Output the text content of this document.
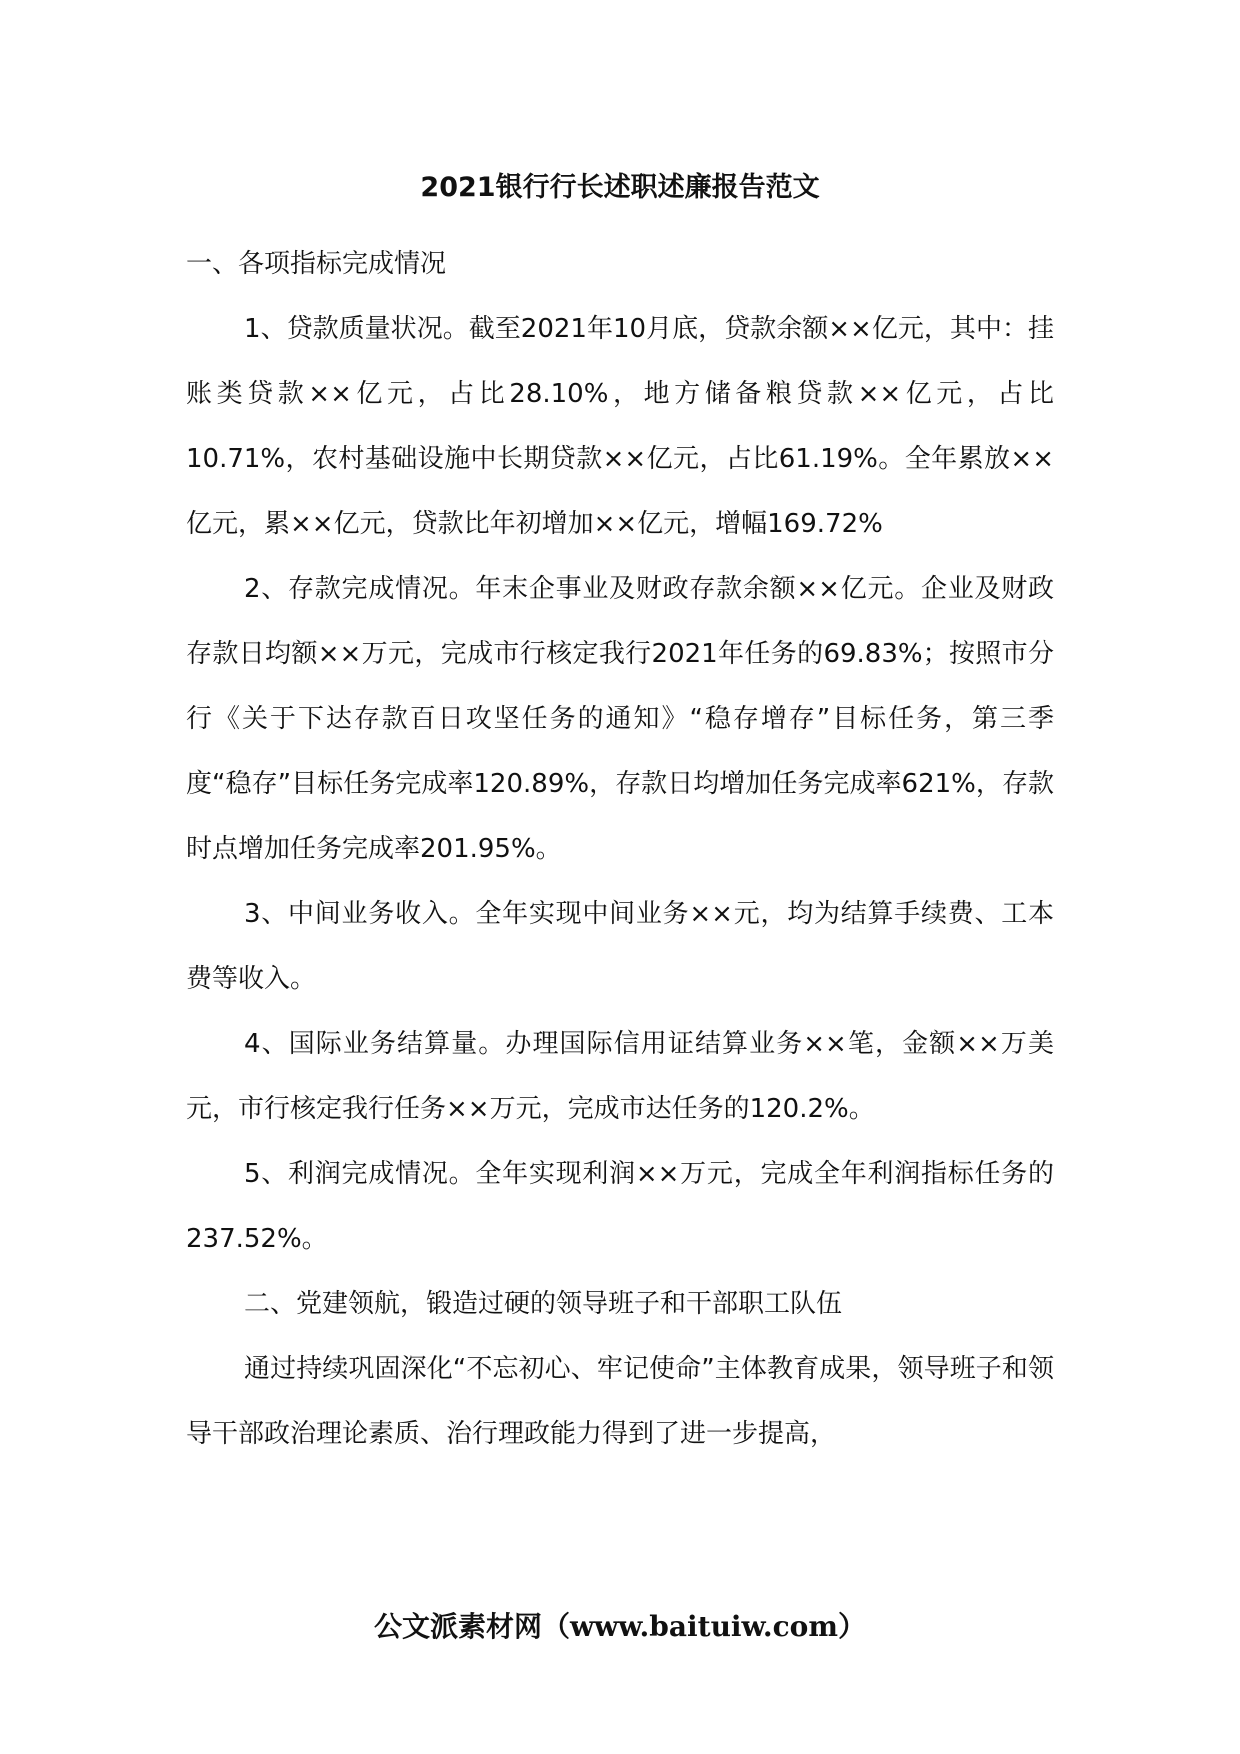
2021银行行长述职述廉报告范文

一、各项指标完成情况

1、贷款质量状况。截至2021年10月底，贷款余额××亿元，其中：挂账类贷款××亿元，占比28.10%，地方储备粮贷款××亿元，占比10.71%，农村基础设施中长期贷款××亿元，占比61.19%。全年累放××亿元，累××亿元，贷款比年初增加××亿元，增幅169.72%

2、存款完成情况。年末企事业及财政存款余额××亿元。企业及财政存款日均额××万元，完成市行核定我行2021年任务的69.83%；按照市分行《关于下达存款百日攻坚任务的通知》“稳存增存”目标任务，第三季度“稳存”目标任务完成率120.89%，存款日均增加任务完成率621%，存款时点增加任务完成率201.95%。

3、中间业务收入。全年实现中间业务××元，均为结算手续费、工本费等收入。

4、国际业务结算量。办理国际信用证结算业务××笔，金额××万美元，市行核定我行任务××万元，完成市达任务的120.2%。

5、利润完成情况。全年实现利润××万元，完成全年利润指标任务的237.52%。

二、党建领航，锻造过硬的领导班子和干部职工队伍

通过持续巩固深化“不忘初心、牢记使命”主体教育成果，领导班子和领导干部政治理论素质、治行理政能力得到了进一步提高，

公文派素材网（www.baituiw.com）
